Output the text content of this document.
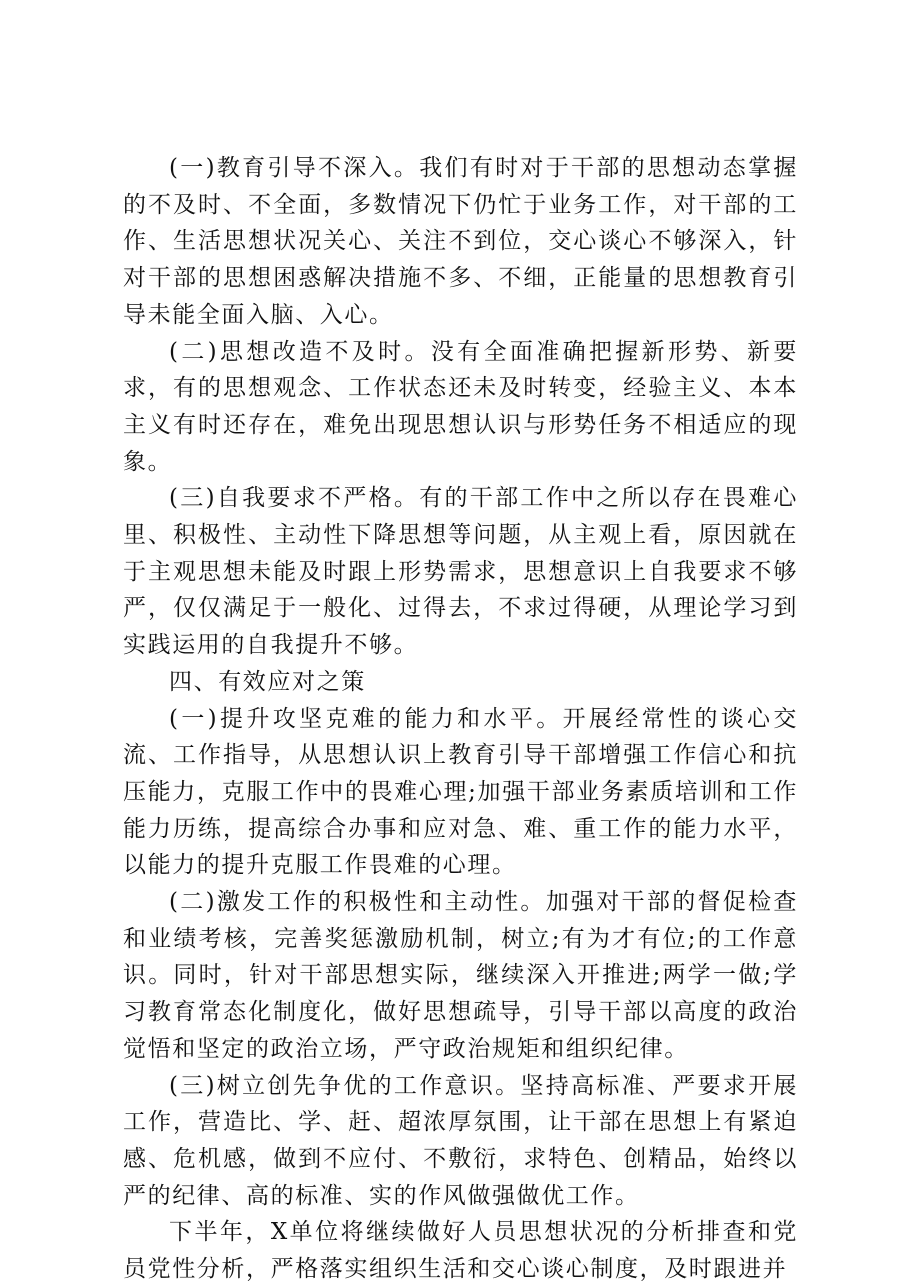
(一)教育引导不深入。我们有时对于干部的思想动态掌握的不及时、不全面，多数情况下仍忙于业务工作，对干部的工作、生活思想状况关心、关注不到位，交心谈心不够深入，针对干部的思想困惑解决措施不多、不细，正能量的思想教育引导未能全面入脑、入心。

(二)思想改造不及时。没有全面准确把握新形势、新要求，有的思想观念、工作状态还未及时转变，经验主义、本本主义有时还存在，难免出现思想认识与形势任务不相适应的现象。

(三)自我要求不严格。有的干部工作中之所以存在畏难心里、积极性、主动性下降思想等问题，从主观上看，原因就在于主观思想未能及时跟上形势需求，思想意识上自我要求不够严，仅仅满足于一般化、过得去，不求过得硬，从理论学习到实践运用的自我提升不够。

四、有效应对之策

(一)提升攻坚克难的能力和水平。开展经常性的谈心交流、工作指导，从思想认识上教育引导干部增强工作信心和抗压能力，克服工作中的畏难心理;加强干部业务素质培训和工作能力历练，提高综合办事和应对急、难、重工作的能力水平，以能力的提升克服工作畏难的心理。

(二)激发工作的积极性和主动性。加强对干部的督促检查和业绩考核，完善奖惩激励机制，树立;有为才有位;的工作意识。同时，针对干部思想实际，继续深入开推进;两学一做;学习教育常态化制度化，做好思想疏导，引导干部以高度的政治觉悟和坚定的政治立场，严守政治规矩和组织纪律。

(三)树立创先争优的工作意识。坚持高标准、严要求开展工作，营造比、学、赶、超浓厚氛围，让干部在思想上有紧迫感、危机感，做到不应付、不敷衍，求特色、创精品，始终以严的纪律、高的标准、实的作风做强做优工作。

下半年，X单位将继续做好人员思想状况的分析排查和党员党性分析，严格落实组织生活和交心谈心制度，及时跟进并
